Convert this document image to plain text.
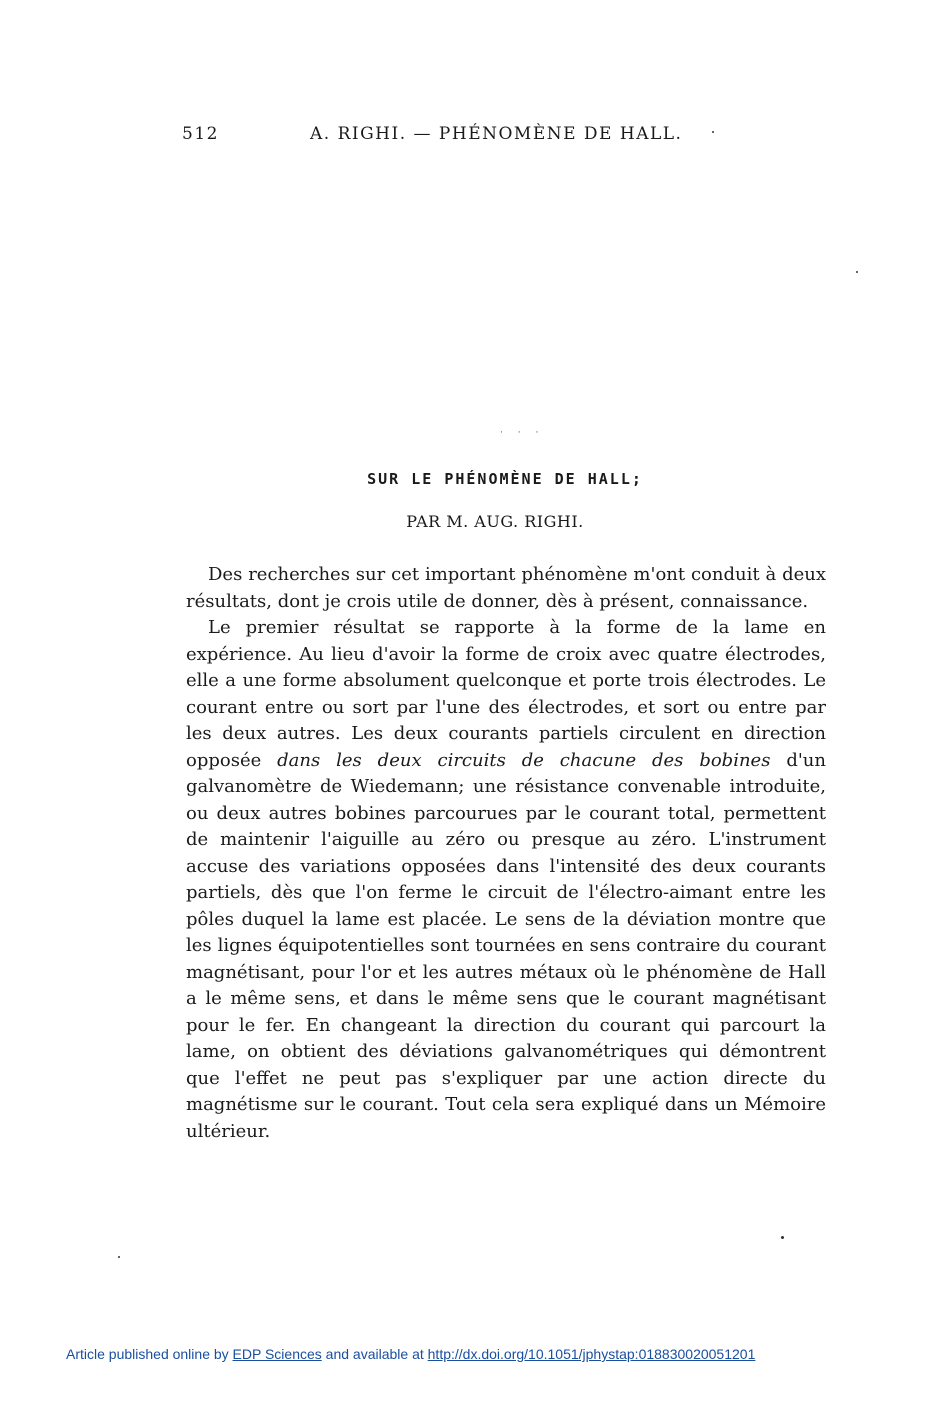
512	A. RIGHI. — PHÉNOMÈNE DE HALL.
· · ·
SUR LE PHÉNOMÈNE DE HALL;
PAR M. AUG. RIGHI.

Des recherches sur cet important phénomène m'ont conduit à deux résultats, dont je crois utile de donner, dès à présent, connaissance.

Le premier résultat se rapporte à la forme de la lame en expérience. Au lieu d'avoir la forme de croix avec quatre électrodes, elle a une forme absolument quelconque et porte trois électrodes. Le courant entre ou sort par l'une des électrodes, et sort ou entre par les deux autres. Les deux courants partiels circulent en direction opposée dans les deux circuits de chacune des bobines d'un galvanomètre de Wiedemann; une résistance convenable introduite, ou deux autres bobines parcourues par le courant total, permettent de maintenir l'aiguille au zéro ou presque au zéro. L'instrument accuse des variations opposées dans l'intensité des deux courants partiels, dès que l'on ferme le circuit de l'électro-aimant entre les pôles duquel la lame est placée. Le sens de la déviation montre que les lignes équipotentielles sont tournées en sens contraire du courant magnétisant, pour l'or et les autres métaux où le phénomène de Hall a le même sens, et dans le même sens que le courant magnétisant pour le fer. En changeant la direction du courant qui parcourt la lame, on obtient des déviations galvanométriques qui démontrent que l'effet ne peut pas s'expliquer par une action directe du magnétisme sur le courant. Tout cela sera expliqué dans un Mémoire ultérieur.

Article published online by EDP Sciences and available at http://dx.doi.org/10.1051/jphystap:018830020051201
